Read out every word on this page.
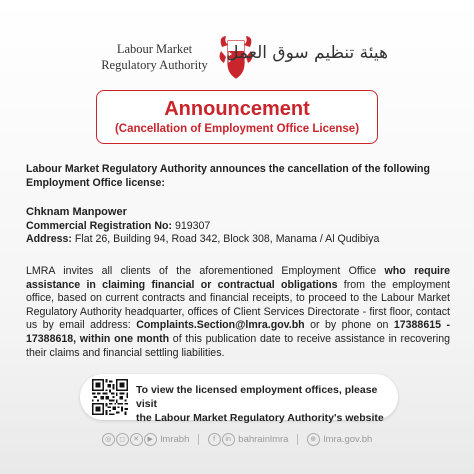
Labour Market
Regulatory Authority
هيئة تنظيم سوق العمل
Announcement
(Cancellation of Employment Office License)
Labour Market Regulatory Authority announces the cancellation of the following Employment Office license:
Chknam Manpower
Commercial Registration No: 919307
Address: Flat 26, Building 94, Road 342, Block 308, Manama / Al Qudibiya
LMRA invites all clients of the aforementioned Employment Office who require assistance in claiming financial or contractual obligations from the employment office, based on current contracts and financial receipts, to proceed to the Labour Market Regulatory Authority headquarter, offices of Client Services Directorate - first floor, contact us by email address: Complaints.Section@lmra.gov.bh or by phone on 17388615 - 17388618, within one month of this publication date to receive assistance in recovering their claims and financial settling liabilities.
To view the licensed employment offices, please visit
the Labour Market Regulatory Authority's website
◎ ◻ ✕ ▶ lmrabh	f in bahrainlmra	⊕ lmra.gov.bh
